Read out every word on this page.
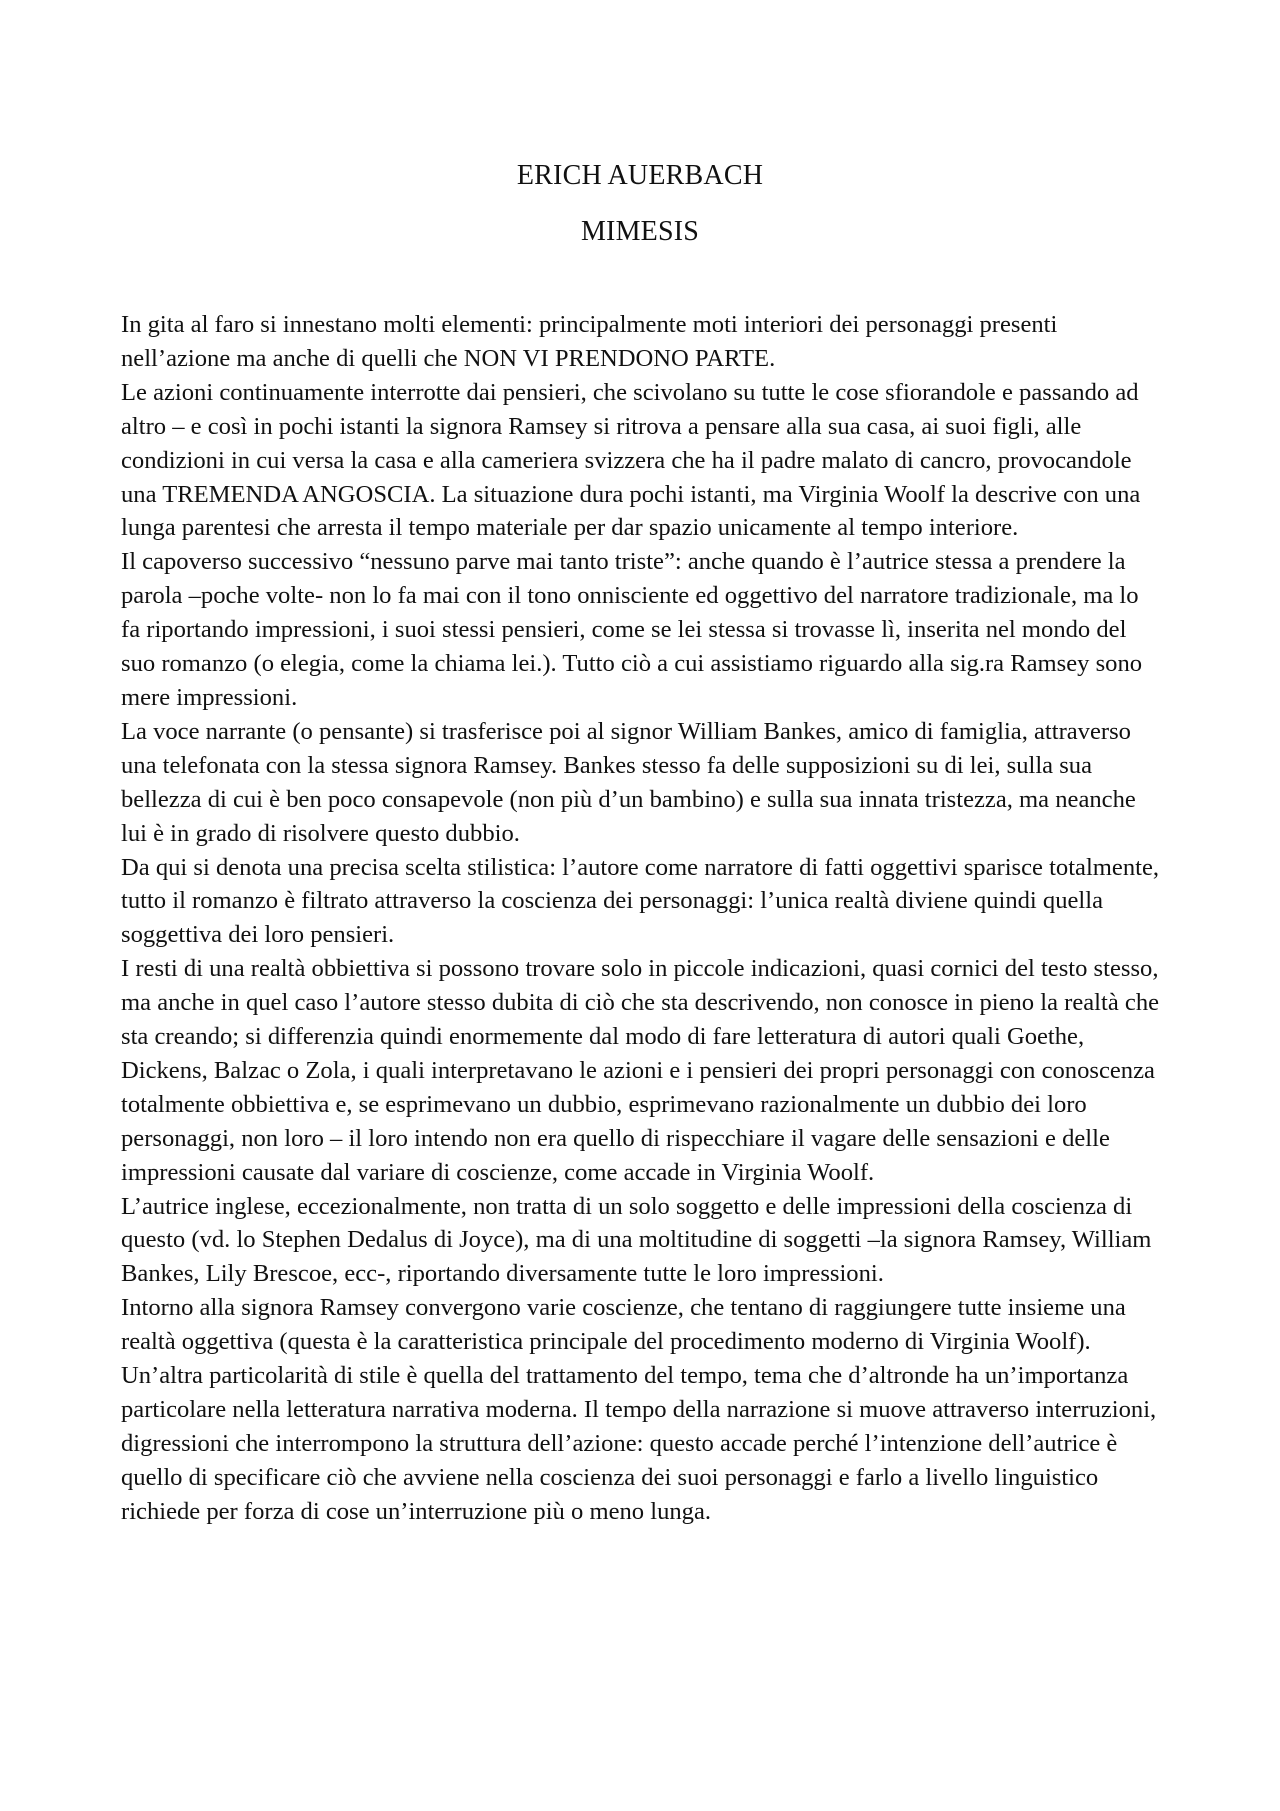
ERICH AUERBACH

MIMESIS

In gita al faro si innestano molti elementi: principalmente moti interiori dei personaggi presenti nell’azione ma anche di quelli che NON VI PRENDONO PARTE.

Le azioni continuamente interrotte dai pensieri, che scivolano su tutte le cose sfiorandole e passando ad altro – e così in pochi istanti la signora Ramsey si ritrova a pensare alla sua casa, ai suoi figli, alle condizioni in cui versa la casa e alla cameriera svizzera che ha il padre malato di cancro, provocandole una TREMENDA ANGOSCIA. La situazione dura pochi istanti, ma Virginia Woolf la descrive con una lunga parentesi che arresta il tempo materiale per dar spazio unicamente al tempo interiore.

Il capoverso successivo “nessuno parve mai tanto triste”: anche quando è l’autrice stessa a prendere la parola –poche volte- non lo fa mai con il tono onnisciente ed oggettivo del narratore tradizionale, ma lo fa riportando impressioni, i suoi stessi pensieri, come se lei stessa si trovasse lì, inserita nel mondo del suo romanzo (o elegia, come la chiama lei.). Tutto ciò a cui assistiamo riguardo alla sig.ra Ramsey sono mere impressioni.

La voce narrante (o pensante) si trasferisce poi al signor William Bankes, amico di famiglia, attraverso una telefonata con la stessa signora Ramsey. Bankes stesso fa delle supposizioni su di lei, sulla sua bellezza di cui è ben poco consapevole (non più d’un bambino) e sulla sua innata tristezza, ma neanche lui è in grado di risolvere questo dubbio.

Da qui si denota una precisa scelta stilistica: l’autore come narratore di fatti oggettivi sparisce totalmente, tutto il romanzo è filtrato attraverso la coscienza dei personaggi: l’unica realtà diviene quindi quella soggettiva dei loro pensieri.

I resti di una realtà obbiettiva si possono trovare solo in piccole indicazioni, quasi cornici del testo stesso, ma anche in quel caso l’autore stesso dubita di ciò che sta descrivendo, non conosce in pieno la realtà che sta creando; si differenzia quindi enormemente dal modo di fare letteratura di autori quali Goethe, Dickens, Balzac o Zola, i quali interpretavano le azioni e i pensieri dei propri personaggi con conoscenza totalmente obbiettiva e, se esprimevano un dubbio, esprimevano razionalmente un dubbio dei loro personaggi, non loro – il loro intendo non era quello di rispecchiare il vagare delle sensazioni e delle impressioni causate dal variare di coscienze, come accade in Virginia Woolf.

L’autrice inglese, eccezionalmente, non tratta di un solo soggetto e delle impressioni della coscienza di questo (vd. lo Stephen Dedalus di Joyce), ma di una moltitudine di soggetti –la signora Ramsey, William Bankes, Lily Brescoe, ecc-, riportando diversamente tutte le loro impressioni.

Intorno alla signora Ramsey convergono varie coscienze, che tentano di raggiungere tutte insieme una realtà oggettiva (questa è la caratteristica principale del procedimento moderno di Virginia Woolf).

Un’altra particolarità di stile è quella del trattamento del tempo, tema che d’altronde ha un’importanza particolare nella letteratura narrativa moderna. Il tempo della narrazione si muove attraverso interruzioni, digressioni che interrompono la struttura dell’azione: questo accade perché l’intenzione dell’autrice è quello di specificare ciò che avviene nella coscienza dei suoi personaggi e farlo a livello linguistico richiede per forza di cose un’interruzione più o meno lunga.
